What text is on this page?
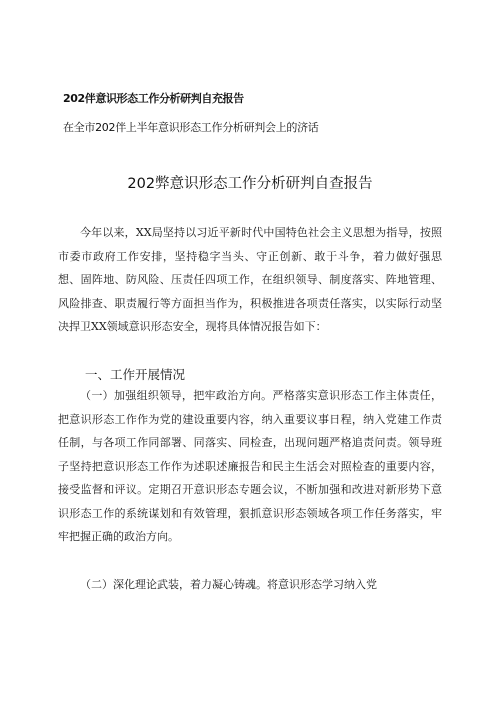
202伴意识形态工作分析研判自充报告
在全市202伴上半年意识形态工作分析研判会上的济话
202弊意识形态工作分析研判自查报告

今年以来，XX局坚持以习近平新时代中国特色社会主义思想为指导，按照市委市政府工作安排，坚持稳字当头、守正创新、敢于斗争，着力做好强思想、固阵地、防风险、压责任四项工作，在组织领导、制度落实、阵地管理、风险排查、职责履行等方面担当作为，积极推进各项责任落实，以实际行动坚决捍卫XX领域意识形态安全，现将具体情况报告如下：

一、工作开展情况

（一）加强组织领导，把牢政治方向。严格落实意识形态工作主体责任，把意识形态工作作为党的建设重要内容，纳入重要议事日程，纳入党建工作责任制，与各项工作同部署、同落实、同检查，出现问题严格追责问责。领导班子坚持把意识形态工作作为述职述廉报告和民主生活会对照检查的重要内容，接受监督和评议。定期召开意识形态专题会议，不断加强和改进对新形势下意识形态工作的系统谋划和有效管理，狠抓意识形态领域各项工作任务落实，牢牢把握正确的政治方向。

（二）深化理论武装，着力凝心铸魂。将意识形态学习纳入党
